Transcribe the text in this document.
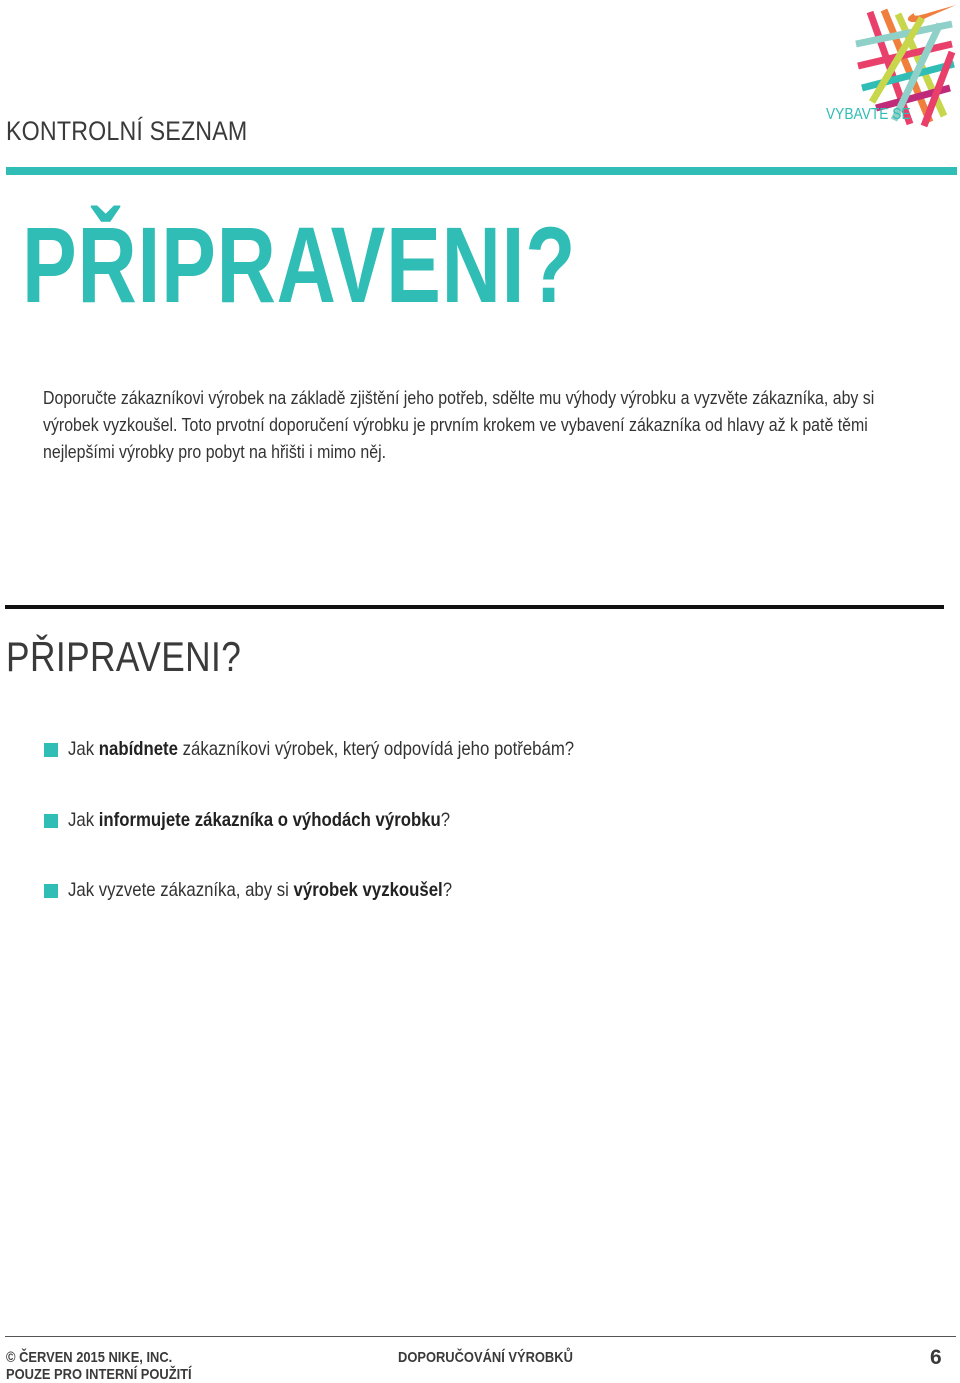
KONTROLNÍ SEZNAM
VYBAVTE SE
PŘIPRAVENI?
Doporučte zákazníkovi výrobek na základě zjištění jeho potřeb, sdělte mu výhody výrobku a vyzvěte zákazníka, aby si výrobek vyzkoušel. Toto prvotní doporučení výrobku je prvním krokem ve vybavení zákazníka od hlavy až k patě těmi nejlepšími výrobky pro pobyt na hřišti i mimo něj.
PŘIPRAVENI?
Jak nabídnete zákazníkovi výrobek, který odpovídá jeho potřebám?
Jak informujete zákazníka o výhodách výrobku?
Jak vyzvete zákazníka, aby si výrobek vyzkoušel?
© ČERVEN 2015 NIKE, INC.
POUZE PRO INTERNÍ POUŽITÍ
DOPORUČOVÁNÍ VÝROBKŮ	6
